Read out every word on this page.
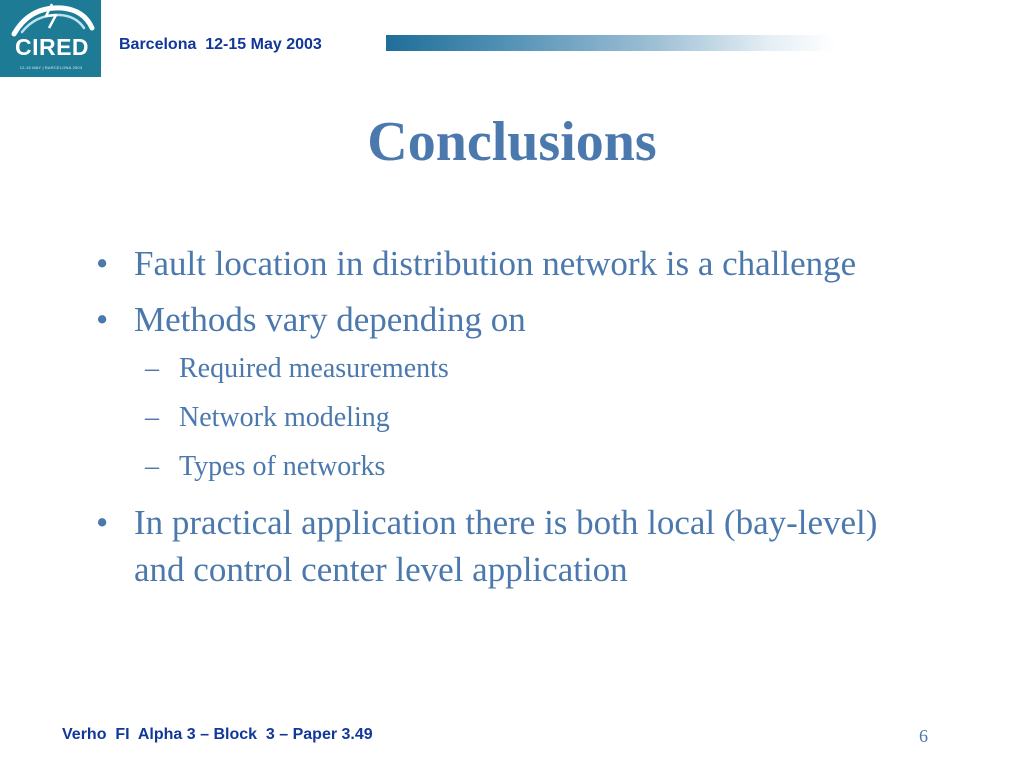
CIRED
12-15 MAY | BARCELONA 2003
Barcelona  12-15 May 2003
Conclusions
• Fault location in distribution network is a challenge
• Methods vary depending on
– Required measurements
– Network modeling
– Types of networks
• In practical application there is both local (bay-level) and control center level application
Verho  FI  Alpha 3 – Block  3 – Paper 3.49	6
